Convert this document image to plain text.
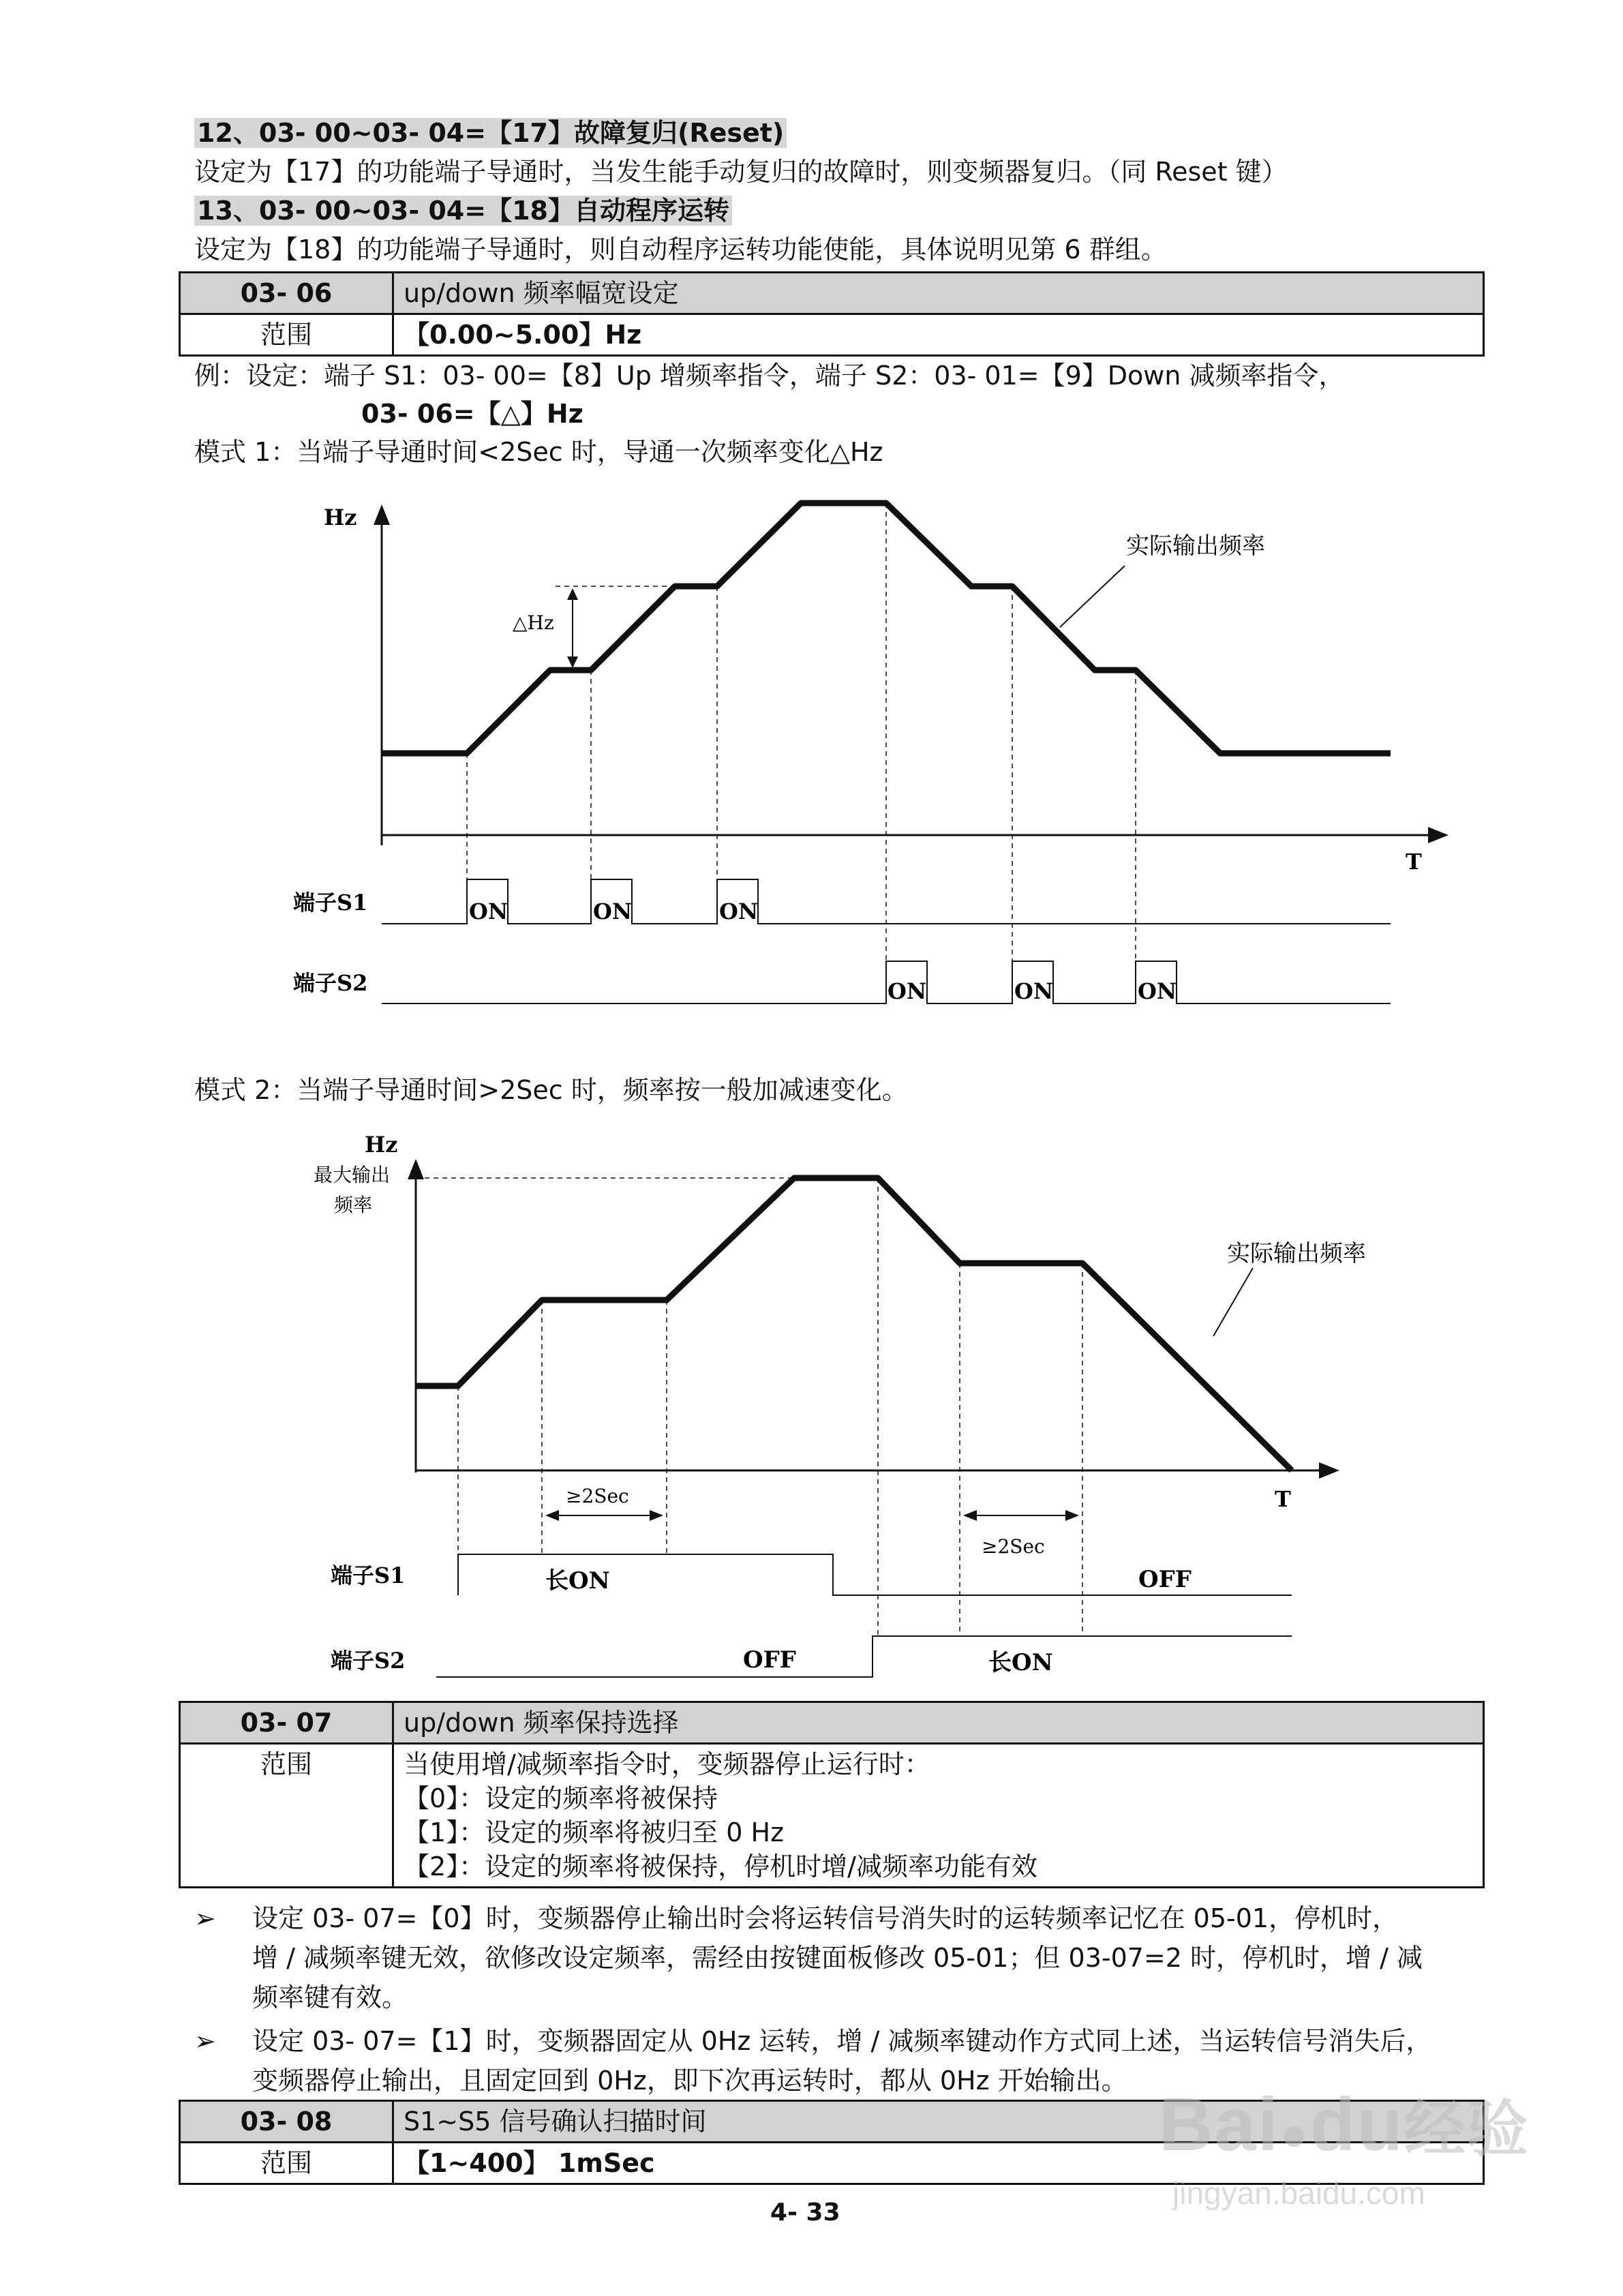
12、03- 00~03- 04=【17】故障复归(Reset)
设定为【17】的功能端子导通时，当发生能手动复归的故障时，则变频器复归。（同 Reset 键）
13、03- 00~03- 04=【18】自动程序运转
设定为【18】的功能端子导通时，则自动程序运转功能使能，具体说明见第 6 群组。
03- 06	up/down 频率幅宽设定
范围	【0.00~5.00】Hz
例：设定：端子 S1：03- 00=【8】Up 增频率指令，端子 S2：03- 01=【9】Down 减频率指令，
03- 06=【△】Hz
模式 1：当端子导通时间<2Sec 时，导通一次频率变化△Hz
Hz
T
△Hz
实际输出频率
端子S1	ON	ON	ON
端子S2	ON	ON	ON
模式 2：当端子导通时间>2Sec 时，频率按一般加减速变化。
Hz
最大输出
频率
T
≥2Sec
≥2Sec
实际输出频率
端子S1	长ON	OFF
端子S2	OFF	长ON
03- 07	up/down 频率保持选择
范围	当使用增/减频率指令时，变频器停止运行时：
【0】：设定的频率将被保持
【1】：设定的频率将被归至 0 Hz
【2】：设定的频率将被保持，停机时增/减频率功能有效
➢ 设定 03- 07=【0】时，变频器停止输出时会将运转信号消失时的运转频率记忆在 05-01，停机时，
增 / 减频率键无效，欲修改设定频率，需经由按键面板修改 05-01；但 03-07=2 时，停机时，增 / 减
频率键有效。
➢ 设定 03- 07=【1】时，变频器固定从 0Hz 运转，增 / 减频率键动作方式同上述，当运转信号消失后，
变频器停止输出，且固定回到 0Hz，即下次再运转时，都从 0Hz 开始输出。
03- 08	S1~S5 信号确认扫描时间
范围	【1~400】 1mSec
4- 33
Bai●du经验
jingyan.baidu.com
